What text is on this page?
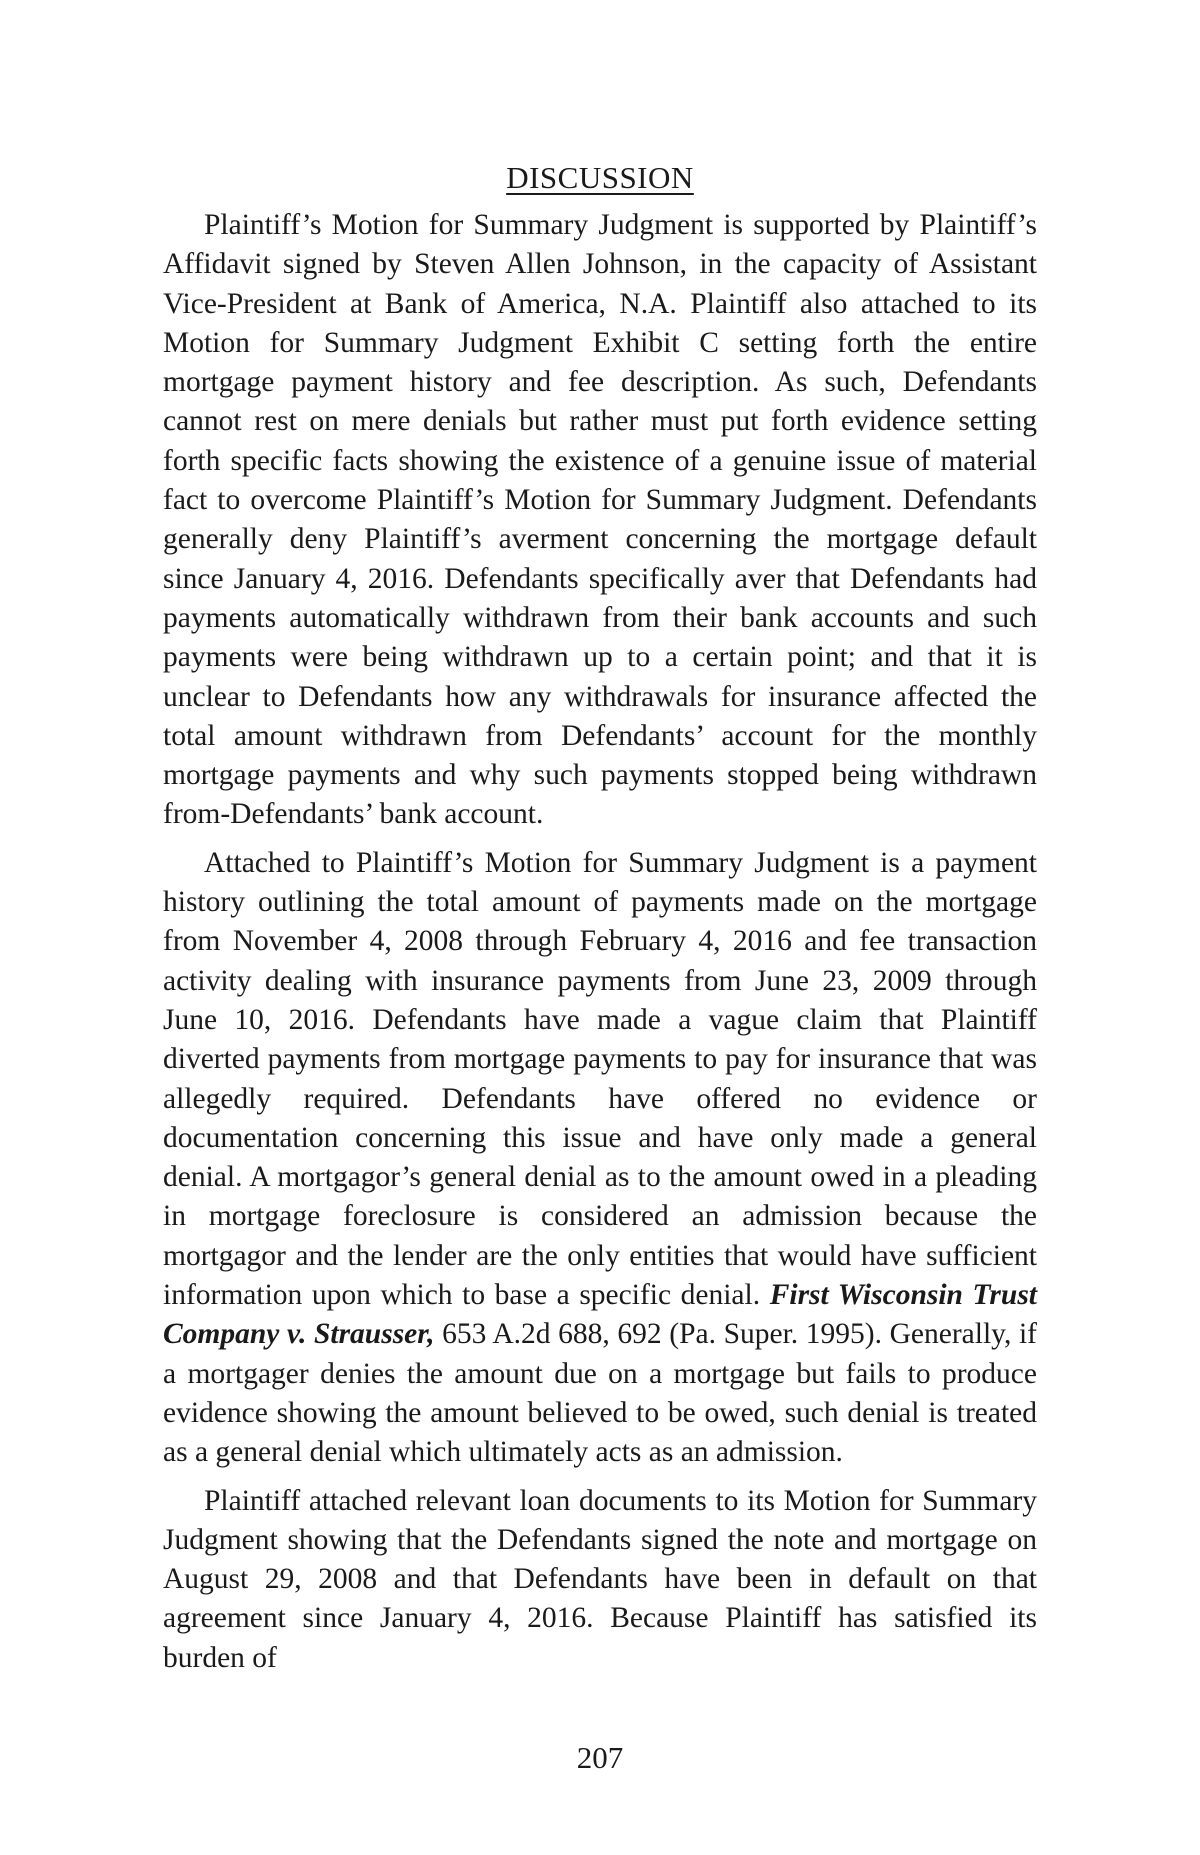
DISCUSSION

Plaintiff’s Motion for Summary Judgment is supported by Plaintiff’s Affidavit signed by Steven Allen Johnson, in the capacity of Assistant Vice-President at Bank of America, N.A. Plaintiff also attached to its Motion for Summary Judgment Exhibit C setting forth the entire mortgage payment history and fee description. As such, Defendants cannot rest on mere denials but rather must put forth evidence setting forth specific facts showing the existence of a genuine issue of material fact to overcome Plaintiff’s Motion for Summary Judgment. Defendants generally deny Plaintiff’s averment concerning the mortgage default since January 4, 2016. Defendants specifically aver that Defendants had payments automatically withdrawn from their bank accounts and such payments were being withdrawn up to a certain point; and that it is unclear to Defendants how any withdrawals for insurance affected the total amount withdrawn from Defendants’ account for the monthly mortgage payments and why such payments stopped being withdrawn from-Defendants’ bank account.

Attached to Plaintiff’s Motion for Summary Judgment is a payment history outlining the total amount of payments made on the mortgage from November 4, 2008 through February 4, 2016 and fee transaction activity dealing with insurance payments from June 23, 2009 through June 10, 2016. Defendants have made a vague claim that Plaintiff diverted payments from mortgage payments to pay for insurance that was allegedly required. Defendants have offered no evidence or documentation concerning this issue and have only made a general denial. A mortgagor’s general denial as to the amount owed in a pleading in mortgage foreclosure is considered an admission because the mortgagor and the lender are the only entities that would have sufficient information upon which to base a specific denial. First Wisconsin Trust Company v. Strausser, 653 A.2d 688, 692 (Pa. Super. 1995). Generally, if a mortgager denies the amount due on a mortgage but fails to produce evidence showing the amount believed to be owed, such denial is treated as a general denial which ultimately acts as an admission.

Plaintiff attached relevant loan documents to its Motion for Summary Judgment showing that the Defendants signed the note and mortgage on August 29, 2008 and that Defendants have been in default on that agreement since January 4, 2016. Because Plaintiff has satisfied its burden of

207
